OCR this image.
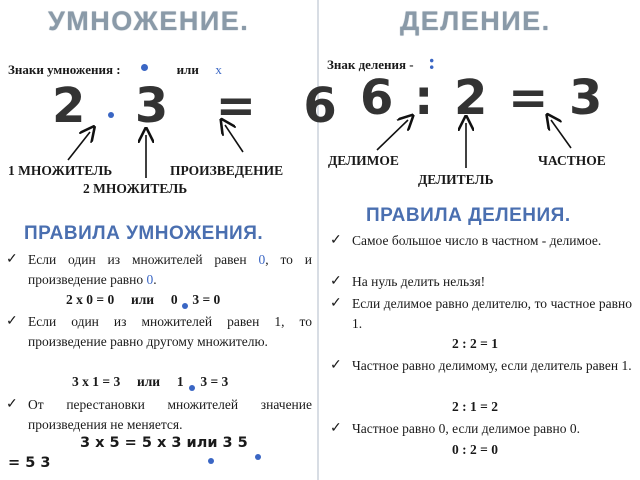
УМНОЖЕНИЕ.
Знаки умножения :	или х
2 3 = 6
1 МНОЖИТЕЛЬ	ПРОИЗВЕДЕНИЕ
2 МНОЖИТЕЛЬ
ПРАВИЛА УМНОЖЕНИЯ.
✓ Если один из множителей равен 0, то и произведение равно 0.
2 х 0 = 0 или 0 3 = 0
✓ Если один из множителей равен 1, то произведение равно другому множителю.
3 х 1 = 3 или 1 3 = 3
✓ От перестановки множителей значение произведения не меняется.
3 х 5 = 5 х 3 или 3 5
= 5 3
ДЕЛЕНИЕ.
Знак деления - :
6 : 2 = 3
ДЕЛИМОЕ	ЧАСТНОЕ
ДЕЛИТЕЛЬ
ПРАВИЛА ДЕЛЕНИЯ.
✓ Самое большое число в частном - делимое.
✓ На нуль делить нельзя!
✓ Если делимое равно делителю, то частное равно 1.
2 : 2 = 1
✓ Частное равно делимому, если делитель равен 1.
2 : 1 = 2
✓ Частное равно 0, если делимое равно 0.
0 : 2 = 0
